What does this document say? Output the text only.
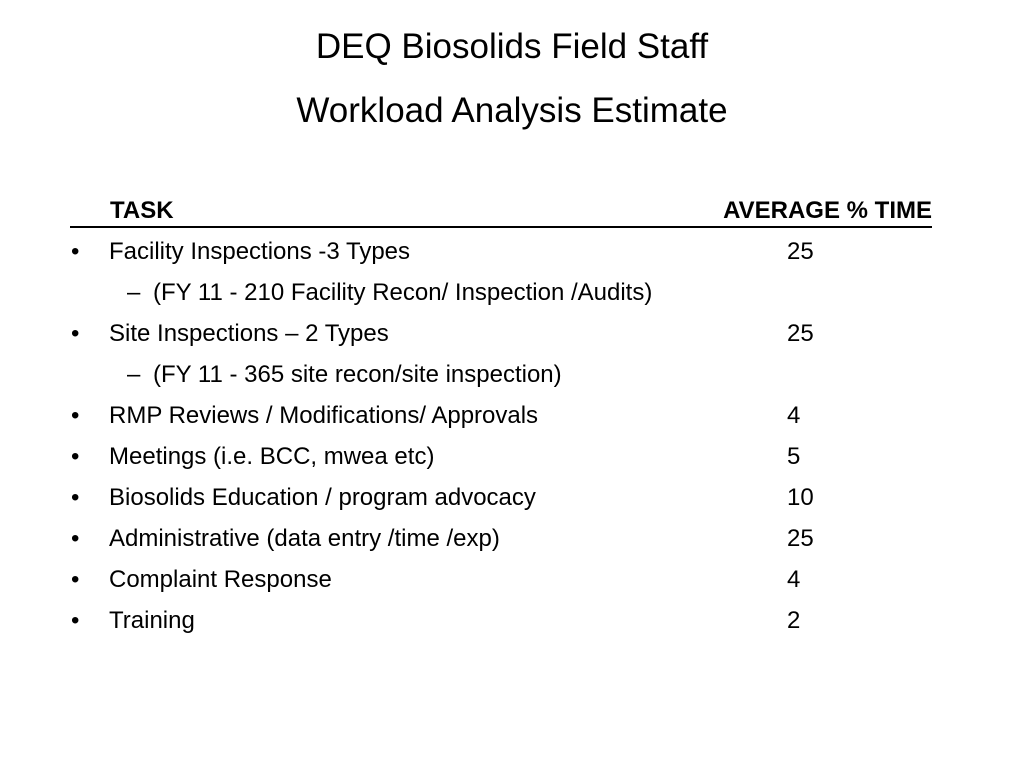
DEQ Biosolids Field Staff
Workload Analysis Estimate
TASK	AVERAGE % TIME
• Facility Inspections -3 Types	25
– (FY 11 - 210 Facility Recon/ Inspection /Audits)
• Site Inspections – 2 Types	25
– (FY 11 - 365 site recon/site inspection)
• RMP Reviews / Modifications/ Approvals	4
• Meetings (i.e. BCC, mwea etc)	5
• Biosolids Education / program advocacy	10
• Administrative (data entry /time /exp)	25
• Complaint Response	4
• Training	2
